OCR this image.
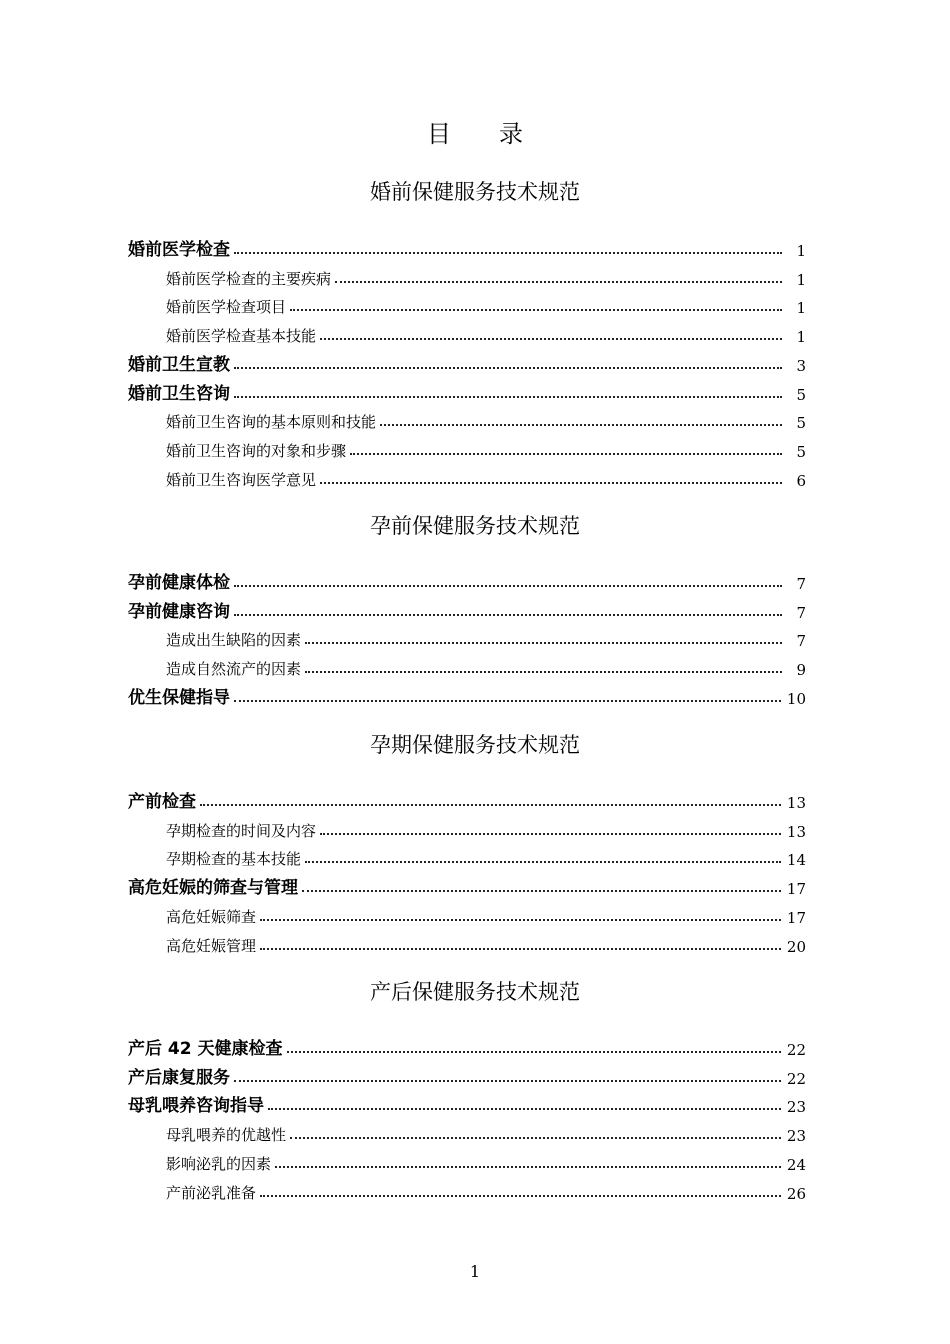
目录
婚前保健服务技术规范
婚前医学检查	1
婚前医学检查的主要疾病	1
婚前医学检查项目	1
婚前医学检查基本技能	1
婚前卫生宣教	3
婚前卫生咨询	5
婚前卫生咨询的基本原则和技能	5
婚前卫生咨询的对象和步骤	5
婚前卫生咨询医学意见	6
孕前保健服务技术规范
孕前健康体检	7
孕前健康咨询	7
造成出生缺陷的因素	7
造成自然流产的因素	9
优生保健指导	10
孕期保健服务技术规范
产前检查	13
孕期检查的时间及内容	13
孕期检查的基本技能	14
高危妊娠的筛查与管理	17
高危妊娠筛查	17
高危妊娠管理	20
产后保健服务技术规范
产后 42 天健康检查	22
产后康复服务	22
母乳喂养咨询指导	23
母乳喂养的优越性	23
影响泌乳的因素	24
产前泌乳准备	26
1
